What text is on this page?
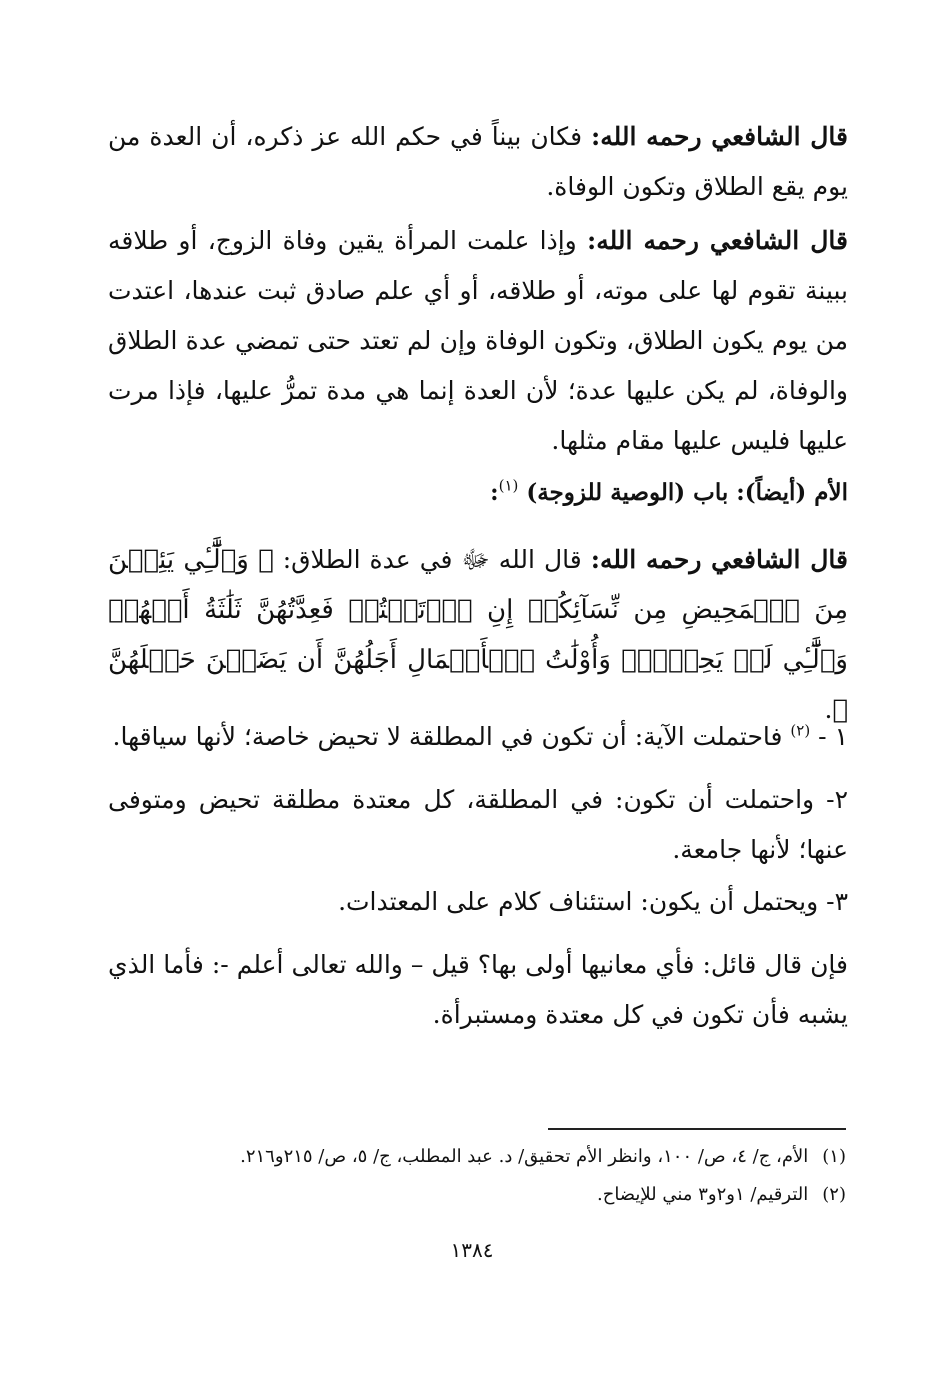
قال الشافعي رحمه الله: فكان بيناً في حكم الله عز ذكره، أن العدة من يوم يقع الطلاق وتكون الوفاة.

قال الشافعي رحمه الله: وإذا علمت المرأة يقين وفاة الزوج، أو طلاقه ببينة تقوم لها على موته، أو طلاقه، أو أي علم صادق ثبت عندها، اعتدت من يوم يكون الطلاق، وتكون الوفاة وإن لم تعتد حتى تمضي عدة الطلاق والوفاة، لم يكن عليها عدة؛ لأن العدة إنما هي مدة تمرُّ عليها، فإذا مرت عليها فليس عليها مقام مثلها.

الأم (أيضاً): باب (الوصية للزوجة) $^{(١)}$:

قال الشافعي رحمه الله: قال الله ﷻ في عدة الطلاق: ﴿ وَٱلَّٰٓـِٔي يَئِسۡنَ مِنَ ٱلۡمَحِيضِ مِن نِّسَآئِكُمۡ إِنِ ٱرۡتَبۡتُمۡ فَعِدَّتُهُنَّ ثَلَٰثَةُ أَشۡهُرٖ وَٱلَّٰٓـِٔي لَمۡ يَحِضۡنَۚ وَأُوْلَٰتُ ٱلۡأَحۡمَالِ أَجَلُهُنَّ أَن يَضَعۡنَ حَمۡلَهُنَّ ﴾.

١ - $^{(٢)}$ فاحتملت الآية: أن تكون في المطلقة لا تحيض خاصة؛ لأنها سياقها.

٢- واحتملت أن تكون: في المطلقة، كل معتدة مطلقة تحيض ومتوفى عنها؛ لأنها جامعة.

٣- ويحتمل أن يكون: استئناف كلام على المعتدات.

فإن قال قائل: فأي معانيها أولى بها؟ قيل – والله تعالى أعلم -: فأما الذي يشبه فأن تكون في كل معتدة ومستبرأة.

(١)الأم، ج/ ٤، ص/ ١٠٠، وانظر الأم تحقيق/ د. عبد المطلب، ج/ ٥، ص/ ٢١٥و٢١٦.

(٢)الترقيم/ ١و٢و٣ مني للإيضاح.

١٣٨٤
